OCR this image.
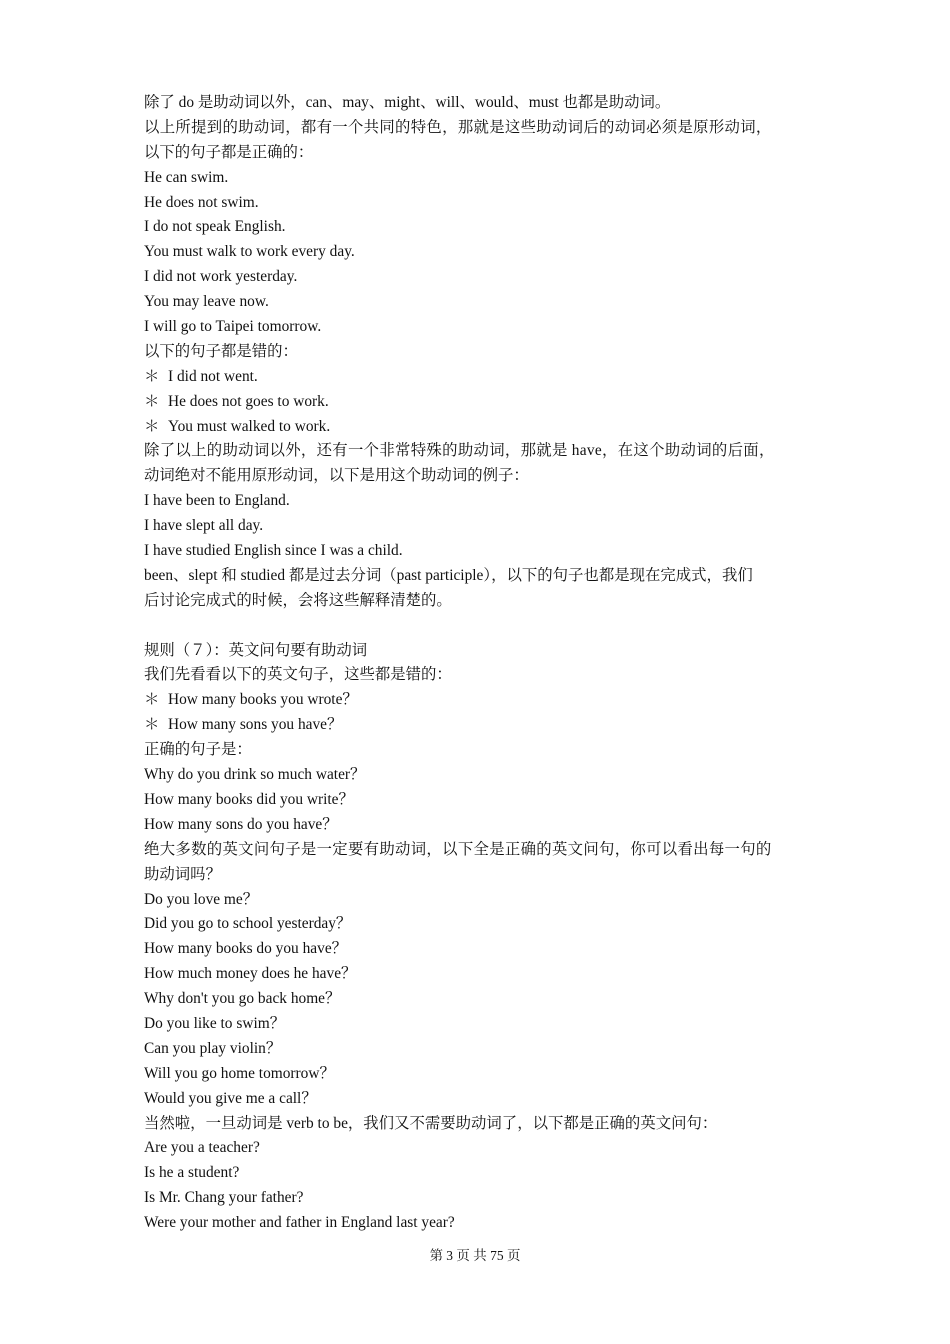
除了 do 是助动词以外，can、may、might、will、would、must 也都是助动词。
以上所提到的助动词，都有一个共同的特色，那就是这些助动词后的动词必须是原形动词，
以下的句子都是正确的：
He can swim.
He does not swim.
I do not speak English.
You must walk to work every day.
I did not work yesterday.
You may leave now.
I will go to Taipei tomorrow.
以下的句子都是错的：
＊ I did not went.
＊ He does not goes to work.
＊ You must walked to work.
除了以上的助动词以外，还有一个非常特殊的助动词，那就是 have，在这个助动词的后面，
动词绝对不能用原形动词，以下是用这个助动词的例子：
I have been to England.
I have slept all day.
I have studied English since I was a child.
been、slept 和 studied 都是过去分词（past participle），以下的句子也都是现在完成式，我们
后讨论完成式的时候，会将这些解释清楚的。
规则（７）：英文问句要有助动词
我们先看看以下的英文句子，这些都是错的：
＊ How many books you wrote？
＊ How many sons you have？
正确的句子是：
Why do you drink so much water？
How many books did you write？
How many sons do you have？
绝大多数的英文问句子是一定要有助动词，以下全是正确的英文问句，你可以看出每一句的
助动词吗？
Do you love me？
Did you go to school yesterday？
How many books do you have？
How much money does he have？
Why don't you go back home？
Do you like to swim？
Can you play violin？
Will you go home tomorrow？
Would you give me a call？
当然啦，一旦动词是 verb to be，我们又不需要助动词了，以下都是正确的英文问句：
Are you a teacher?
Is he a student?
Is Mr. Chang your father?
Were your mother and father in England last year?
第 3 页 共 75 页
